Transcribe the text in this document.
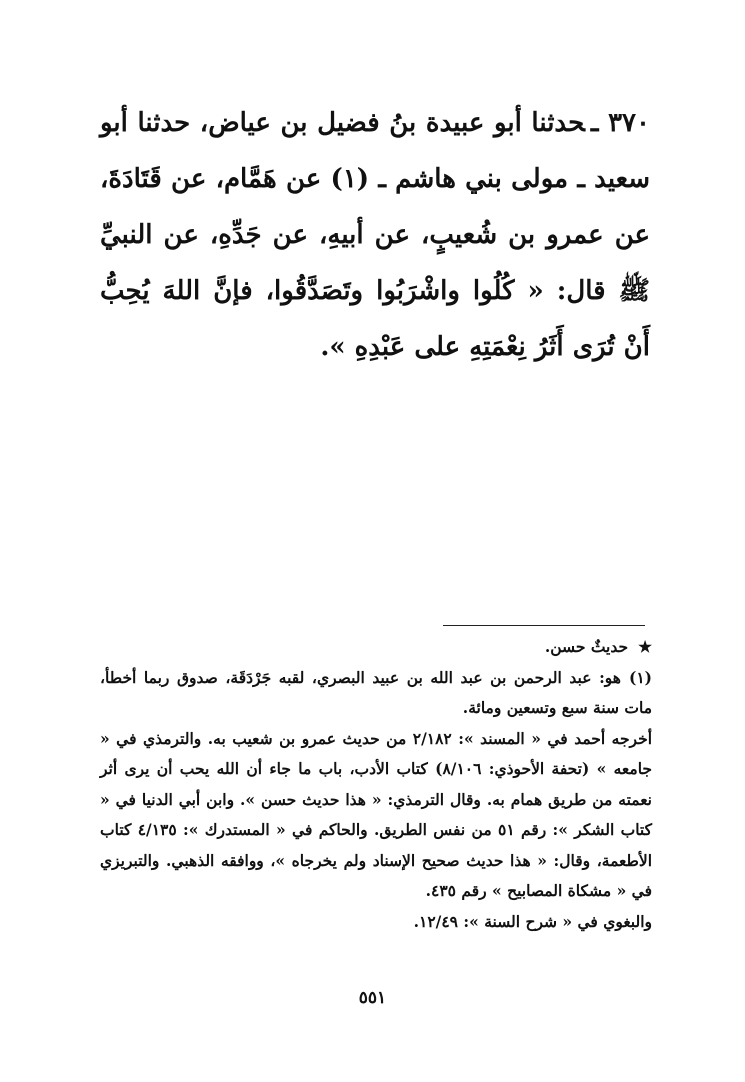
٣٧٠ ـحدثنا أبو عبيدة بنُ فضيل بن عياض، حدثنا أبو سعيد ـ مولى بني هاشم ـ (١) عن هَمَّام، عن قَتَادَةَ، عن عمرو بن شُعيبٍ، عن أبيهِ، عن جَدِّهِ، عن النبيِّ ﷺ قال: « كُلُوا واشْرَبُوا وتَصَدَّقُوا، فإنَّ اللهَ يُحِبُّ أَنْ تُرَى أَثَرُ نِعْمَتِهِ على عَبْدِهِ ».

★حديثٌ حسن.

(١)هو: عبد الرحمن بن عبد الله بن عبيد البصري، لقبه جَرْدَقَة، صدوق ربما أخطأ، مات سنة سبع وتسعين ومائة.

أخرجه أحمد في « المسند »: ٢/١٨٢ من حديث عمرو بن شعيب به. والترمذي في « جامعه » (تحفة الأحوذي: ٨/١٠٦) كتاب الأدب، باب ما جاء أن الله يحب أن يرى أثر نعمته من طريق همام به. وقال الترمذي: « هذا حديث حسن ». وابن أبي الدنيا في « كتاب الشكر »: رقم ٥١ من نفس الطريق. والحاكم في « المستدرك »: ٤/١٣٥ كتاب الأطعمة، وقال: « هذا حديث صحيح الإسناد ولم يخرجاه »، ووافقه الذهبي. والتبريزي في « مشكاة المصابيح » رقم ٤٣٥.

والبغوي في « شرح السنة »: ١٢/٤٩.

٥٥١
